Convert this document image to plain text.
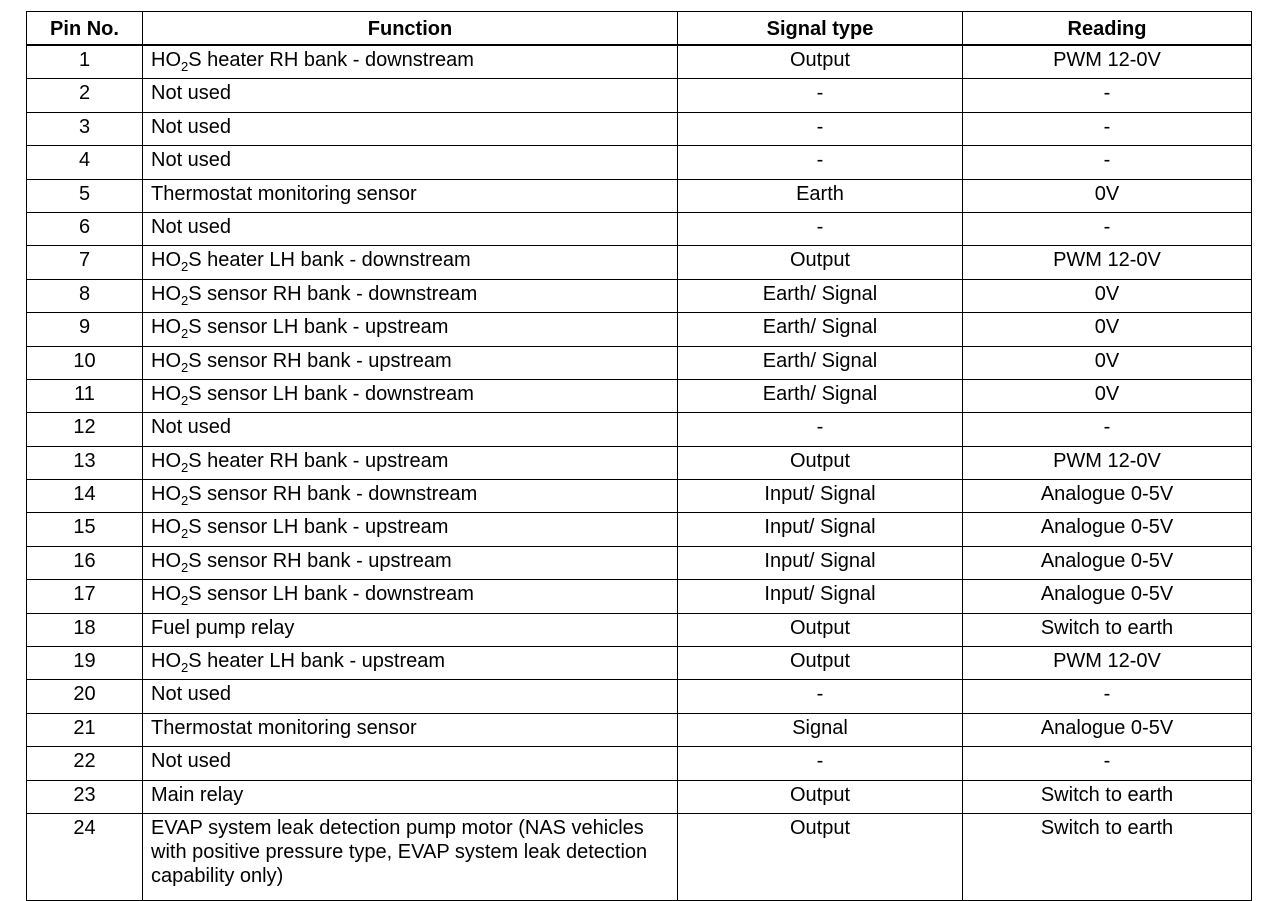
Pin No.	Function	Signal type	Reading
1	$HO_2S$ heater RH bank - downstream	Output	PWM 12-0V
2	Not used	-	-
3	Not used	-	-
4	Not used	-	-
5	Thermostat monitoring sensor	Earth	0V
6	Not used	-	-
7	$HO_2S$ heater LH bank - downstream	Output	PWM 12-0V
8	$HO_2S$ sensor RH bank - downstream	Earth/ Signal	0V
9	$HO_2S$ sensor LH bank - upstream	Earth/ Signal	0V
10	$HO_2S$ sensor RH bank - upstream	Earth/ Signal	0V
11	$HO_2S$ sensor LH bank - downstream	Earth/ Signal	0V
12	Not used	-	-
13	$HO_2S$ heater RH bank - upstream	Output	PWM 12-0V
14	$HO_2S$ sensor RH bank - downstream	Input/ Signal	Analogue 0-5V
15	$HO_2S$ sensor LH bank - upstream	Input/ Signal	Analogue 0-5V
16	$HO_2S$ sensor RH bank - upstream	Input/ Signal	Analogue 0-5V
17	$HO_2S$ sensor LH bank - downstream	Input/ Signal	Analogue 0-5V
18	Fuel pump relay	Output	Switch to earth
19	$HO_2S$ heater LH bank - upstream	Output	PWM 12-0V
20	Not used	-	-
21	Thermostat monitoring sensor	Signal	Analogue 0-5V
22	Not used	-	-
23	Main relay	Output	Switch to earth
24	EVAP system leak detection pump motor (NAS vehicles with positive pressure type, EVAP system leak detection capability only)	Output	Switch to earth
